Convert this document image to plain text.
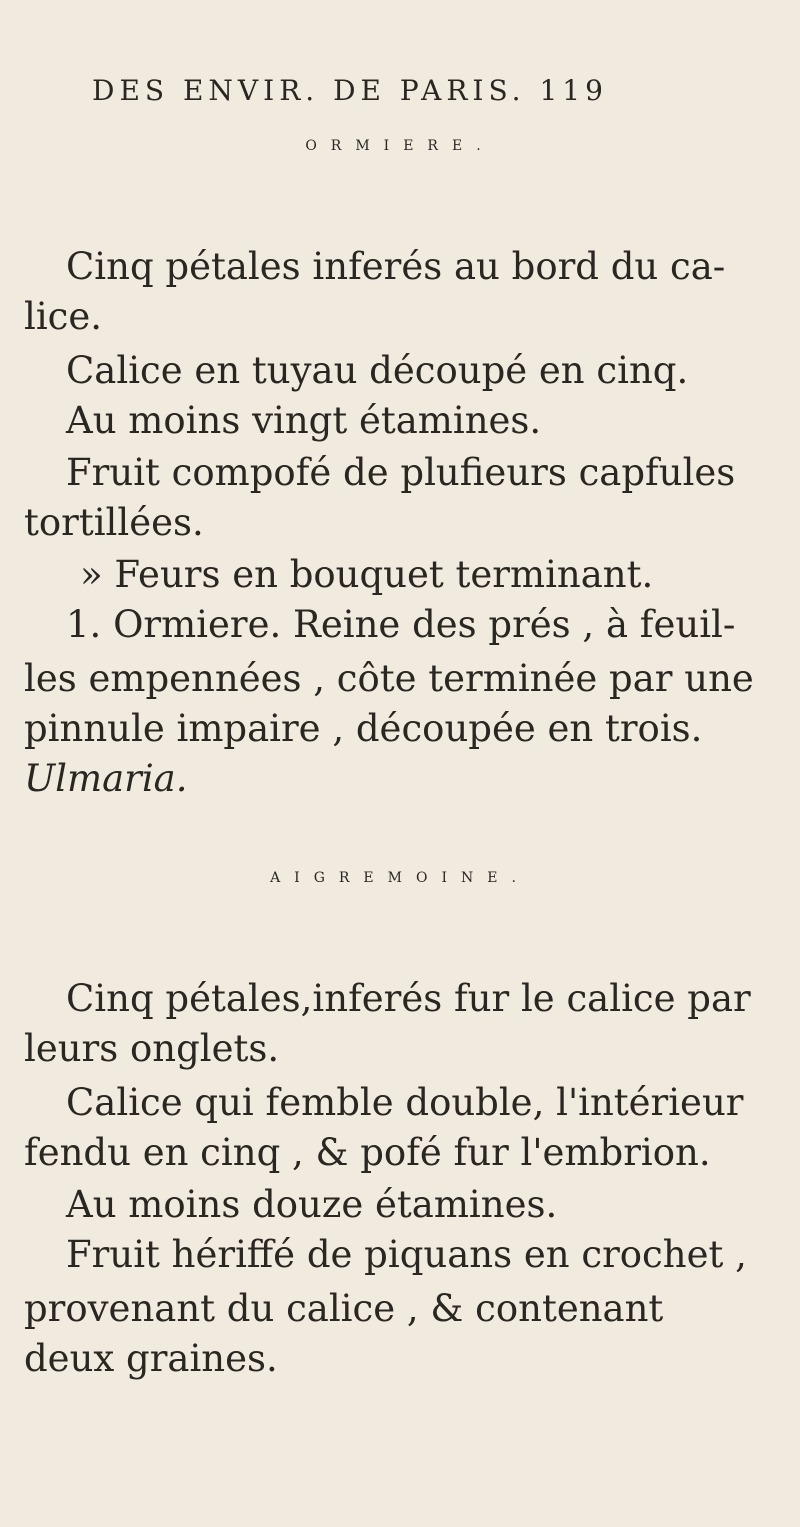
DES ENVIR. DE PARIS. 119
ORMIERE.
Cinq pétales inferés au bord du ca-
lice.
Calice en tuyau découpé en cinq.
Au moins vingt étamines.
Fruit compofé de plufieurs capfules
tortillées.
» Feurs en bouquet terminant.
1. Ormiere. Reine des prés , à feuil-
les empennées , côte terminée par une
pinnule impaire , découpée en trois.
Ulmaria.
AIGREMOINE.
Cinq pétales,inferés fur le calice par
leurs onglets.
Calice qui femble double, l'intérieur
fendu en cinq , & pofé fur l'embrion.
Au moins douze étamines.
Fruit hériffé de piquans en crochet ,
provenant du calice , & contenant
deux graines.
